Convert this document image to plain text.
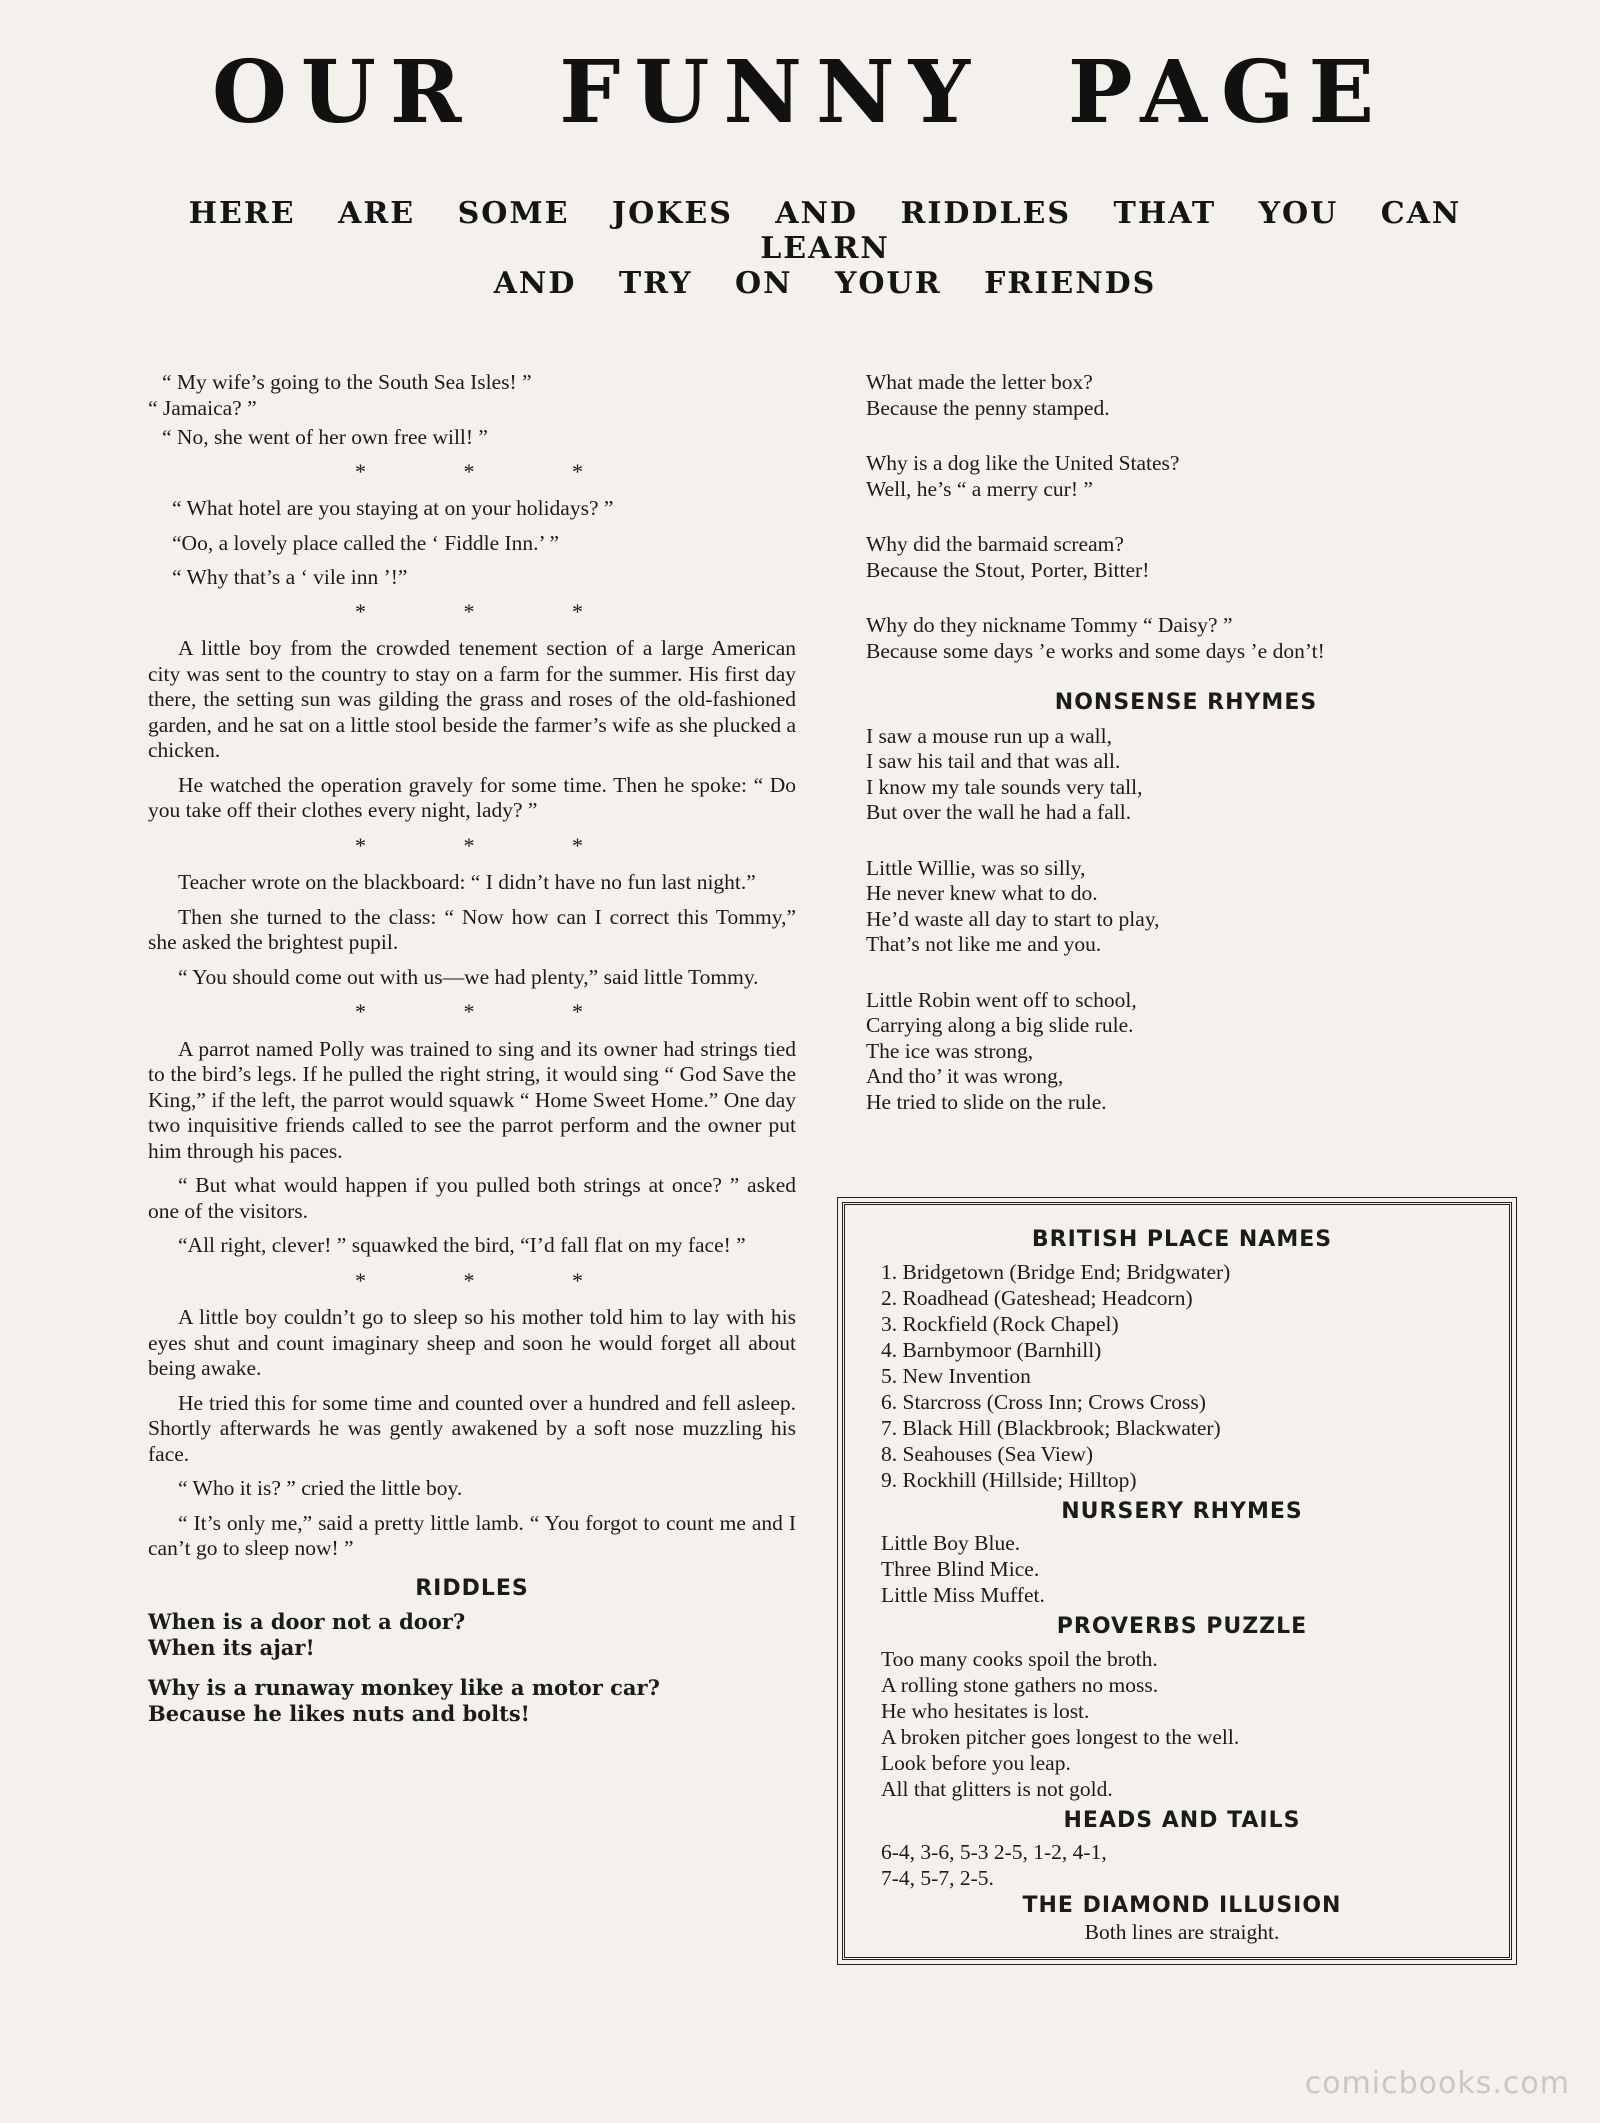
OUR FUNNY PAGE
HERE ARE SOME JOKES AND RIDDLES THAT YOU CAN LEARN
AND TRY ON YOUR FRIENDS
“ My wife’s going to the South Sea Isles! ”
“ Jamaica? ”
“ No, she went of her own free will! ”
* * *
“ What hotel are you staying at on your holidays? ”
“Oo, a lovely place called the ‘ Fiddle Inn.’ ”
“ Why that’s a ‘ vile inn ’!”
* * *

A little boy from the crowded tenement section of a large American city was sent to the country to stay on a farm for the summer. His first day there, the setting sun was gilding the grass and roses of the old-fashioned garden, and he sat on a little stool beside the farmer’s wife as she plucked a chicken.

He watched the operation gravely for some time. Then he spoke: “ Do you take off their clothes every night, lady? ”

* * *

Teacher wrote on the blackboard: “ I didn’t have no fun last night.”

Then she turned to the class: “ Now how can I correct this Tommy,” she asked the brightest pupil.

“ You should come out with us—we had plenty,” said little Tommy.

* * *

A parrot named Polly was trained to sing and its owner had strings tied to the bird’s legs. If he pulled the right string, it would sing “ God Save the King,” if the left, the parrot would squawk “ Home Sweet Home.” One day two inquisitive friends called to see the parrot perform and the owner put him through his paces.

“ But what would happen if you pulled both strings at once? ” asked one of the visitors.

“All right, clever! ” squawked the bird, “I’d fall flat on my face! ”

* * *

A little boy couldn’t go to sleep so his mother told him to lay with his eyes shut and count imaginary sheep and soon he would forget all about being awake.

He tried this for some time and counted over a hundred and fell asleep. Shortly afterwards he was gently awakened by a soft nose muzzling his face.

“ Who it is? ” cried the little boy.

“ It’s only me,” said a pretty little lamb. “ You forgot to count me and I can’t go to sleep now! ”

RIDDLES
When is a door not a door?
When its ajar!
Why is a runaway monkey like a motor car?
Because he likes nuts and bolts!
What made the letter box?
Because the penny stamped.
Why is a dog like the United States?
Well, he’s “ a merry cur! ”
Why did the barmaid scream?
Because the Stout, Porter, Bitter!
Why do they nickname Tommy “ Daisy? ”
Because some days ’e works and some days ’e don’t!
NONSENSE RHYMES
I saw a mouse run up a wall,
I saw his tail and that was all.
I know my tale sounds very tall,
But over the wall he had a fall.
Little Willie, was so silly,
He never knew what to do.
He’d waste all day to start to play,
That’s not like me and you.
Little Robin went off to school,
Carrying along a big slide rule.
The ice was strong,
And tho’ it was wrong,
He tried to slide on the rule.
BRITISH PLACE NAMES
1. Bridgetown (Bridge End; Bridgwater)
2. Roadhead (Gateshead; Headcorn)
3. Rockfield (Rock Chapel)
4. Barnbymoor (Barnhill)
5. New Invention
6. Starcross (Cross Inn; Crows Cross)
7. Black Hill (Blackbrook; Blackwater)
8. Seahouses (Sea View)
9. Rockhill (Hillside; Hilltop)
NURSERY RHYMES
Little Boy Blue.
Three Blind Mice.
Little Miss Muffet.
PROVERBS PUZZLE
Too many cooks spoil the broth.
A rolling stone gathers no moss.
He who hesitates is lost.
A broken pitcher goes longest to the well.
Look before you leap.
All that glitters is not gold.
HEADS AND TAILS
6-4, 3-6, 5-3 2-5, 1-2, 4-1,
7-4, 5-7, 2-5.
THE DIAMOND ILLUSION
Both lines are straight.
comicbooks.com
